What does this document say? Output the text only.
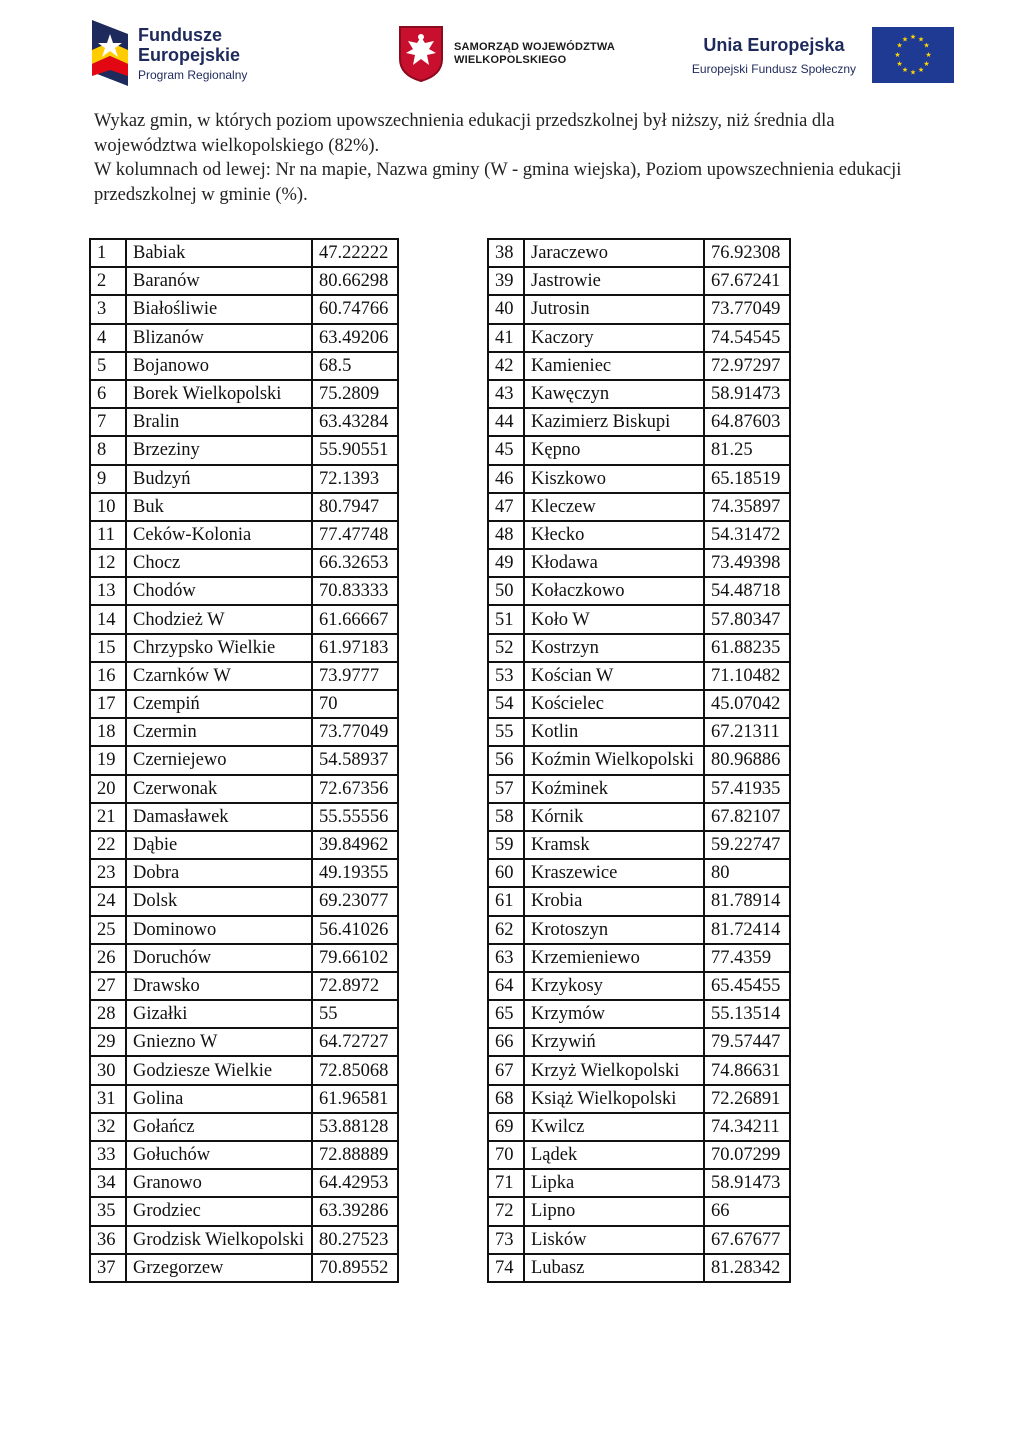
Fundusze
Europejskie
Program Regionalny
SAMORZĄD WOJEWÓDZTWA
WIELKOPOLSKIEGO
Unia Europejska
Europejski Fundusz Społeczny
★ ★
★
★
★
★
★
★
★
★
★
★

Wykaz gmin, w których poziom upowszechnienia edukacji przedszkolnej był niższy, niż średnia dla województwa wielkopolskiego (82%).

W kolumnach od lewej: Nr na mapie, Nazwa gminy (W - gmina wiejska), Poziom upowszechnienia edukacji przedszkolnej w gminie (%).

1	Babiak	47.22222
2	Baranów	80.66298
3	Białośliwie	60.74766
4	Blizanów	63.49206
5	Bojanowo	68.5
6	Borek Wielkopolski	75.2809
7	Bralin	63.43284
8	Brzeziny	55.90551
9	Budzyń	72.1393
10	Buk	80.7947
11	Ceków-Kolonia	77.47748
12	Chocz	66.32653
13	Chodów	70.83333
14	Chodzież W	61.66667
15	Chrzypsko Wielkie	61.97183
16	Czarnków W	73.9777
17	Czempiń	70
18	Czermin	73.77049
19	Czerniejewo	54.58937
20	Czerwonak	72.67356
21	Damasławek	55.55556
22	Dąbie	39.84962
23	Dobra	49.19355
24	Dolsk	69.23077
25	Dominowo	56.41026
26	Doruchów	79.66102
27	Drawsko	72.8972
28	Gizałki	55
29	Gniezno W	64.72727
30	Godziesze Wielkie	72.85068
31	Golina	61.96581
32	Gołańcz	53.88128
33	Gołuchów	72.88889
34	Granowo	64.42953
35	Grodziec	63.39286
36	Grodzisk Wielkopolski	80.27523
37	Grzegorzew	70.89552
38	Jaraczewo	76.92308
39	Jastrowie	67.67241
40	Jutrosin	73.77049
41	Kaczory	74.54545
42	Kamieniec	72.97297
43	Kawęczyn	58.91473
44	Kazimierz Biskupi	64.87603
45	Kępno	81.25
46	Kiszkowo	65.18519
47	Kleczew	74.35897
48	Kłecko	54.31472
49	Kłodawa	73.49398
50	Kołaczkowo	54.48718
51	Koło W	57.80347
52	Kostrzyn	61.88235
53	Kościan W	71.10482
54	Kościelec	45.07042
55	Kotlin	67.21311
56	Koźmin Wielkopolski	80.96886
57	Koźminek	57.41935
58	Kórnik	67.82107
59	Kramsk	59.22747
60	Kraszewice	80
61	Krobia	81.78914
62	Krotoszyn	81.72414
63	Krzemieniewo	77.4359
64	Krzykosy	65.45455
65	Krzymów	55.13514
66	Krzywiń	79.57447
67	Krzyż Wielkopolski	74.86631
68	Książ Wielkopolski	72.26891
69	Kwilcz	74.34211
70	Lądek	70.07299
71	Lipka	58.91473
72	Lipno	66
73	Lisków	67.67677
74	Lubasz	81.28342
